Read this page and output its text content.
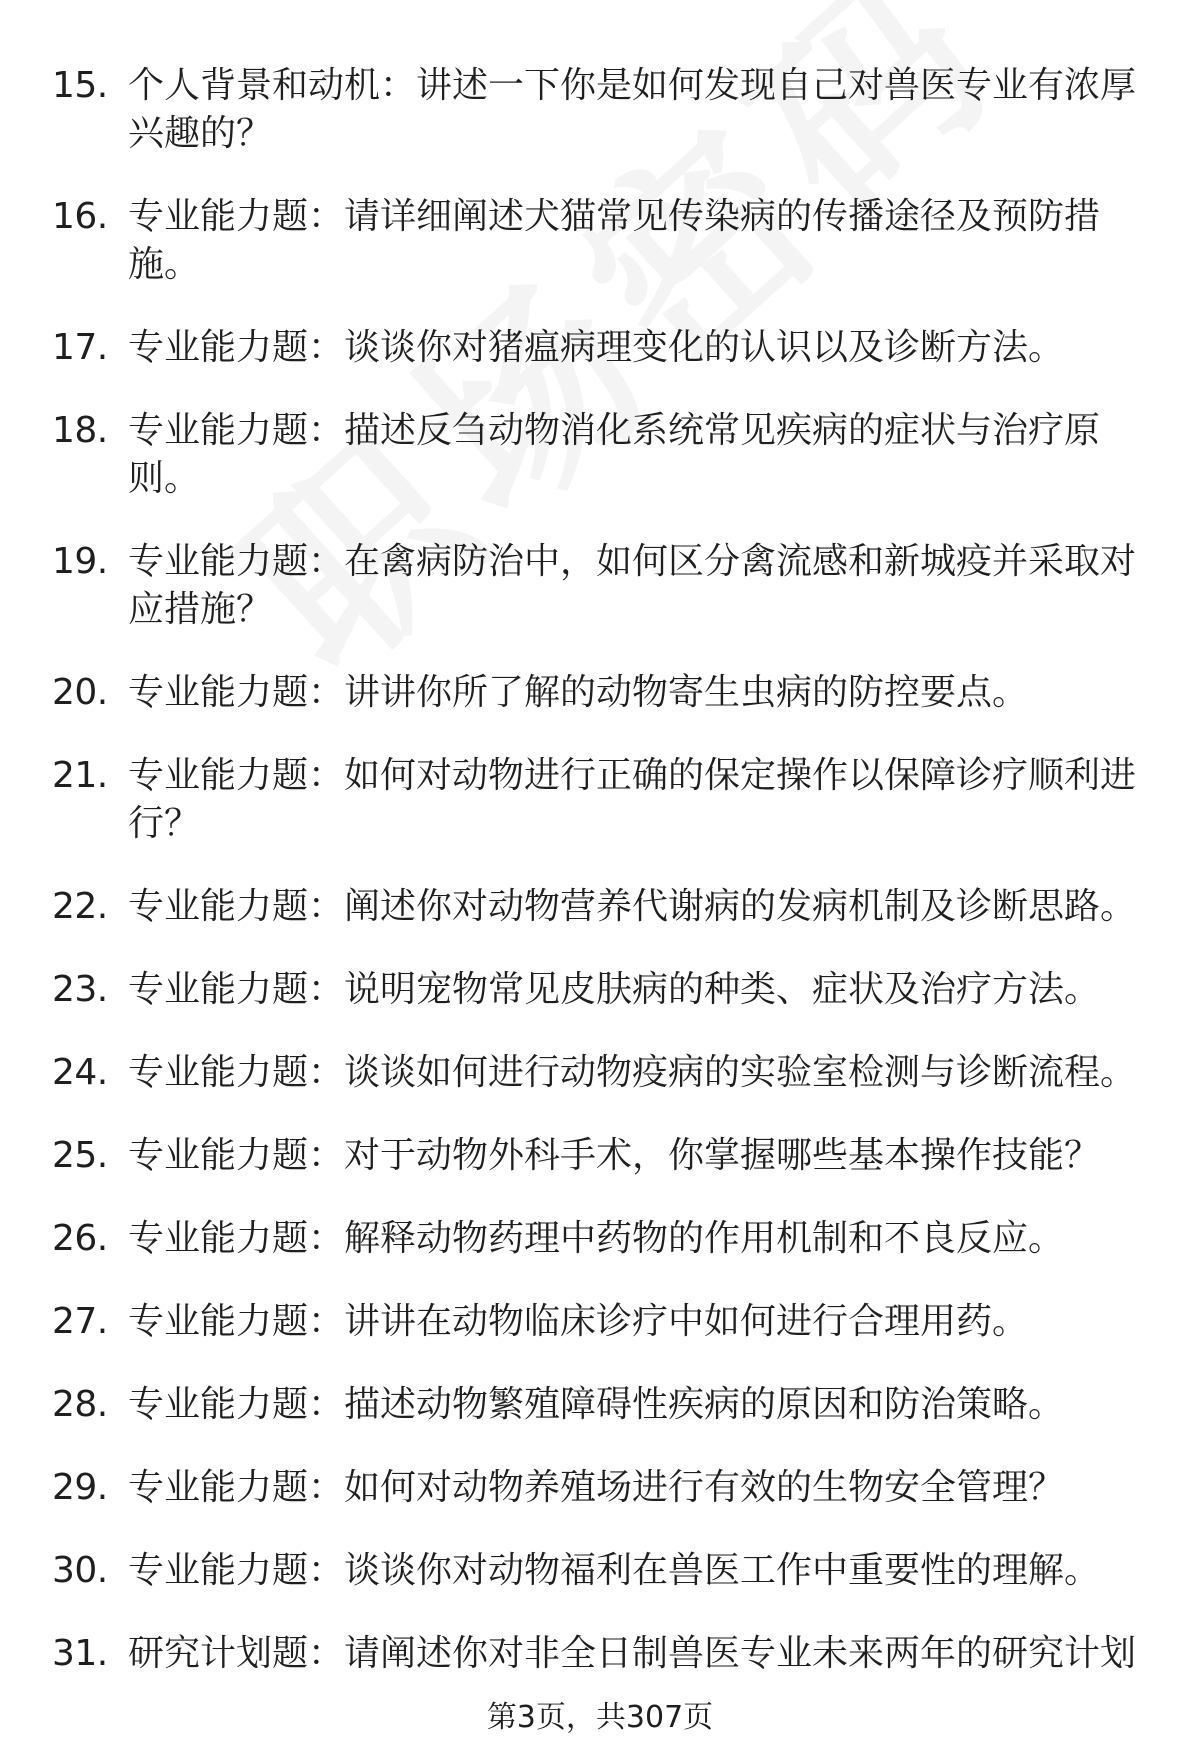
15. 个人背景和动机：讲述一下你是如何发现自己对兽医专业有浓厚兴趣的？
16. 专业能力题：请详细阐述犬猫常见传染病的传播途径及预防措施。
17. 专业能力题：谈谈你对猪瘟病理变化的认识以及诊断方法。
18. 专业能力题：描述反刍动物消化系统常见疾病的症状与治疗原则。
19. 专业能力题：在禽病防治中，如何区分禽流感和新城疫并采取对应措施？
20. 专业能力题：讲讲你所了解的动物寄生虫病的防控要点。
21. 专业能力题：如何对动物进行正确的保定操作以保障诊疗顺利进行？
22. 专业能力题：阐述你对动物营养代谢病的发病机制及诊断思路。
23. 专业能力题：说明宠物常见皮肤病的种类、症状及治疗方法。
24. 专业能力题：谈谈如何进行动物疫病的实验室检测与诊断流程。
25. 专业能力题：对于动物外科手术，你掌握哪些基本操作技能？
26. 专业能力题：解释动物药理中药物的作用机制和不良反应。
27. 专业能力题：讲讲在动物临床诊疗中如何进行合理用药。
28. 专业能力题：描述动物繁殖障碍性疾病的原因和防治策略。
29. 专业能力题：如何对动物养殖场进行有效的生物安全管理？
30. 专业能力题：谈谈你对动物福利在兽医工作中重要性的理解。
31. 研究计划题：请阐述你对非全日制兽医专业未来两年的研究计划
第3页，共307页
